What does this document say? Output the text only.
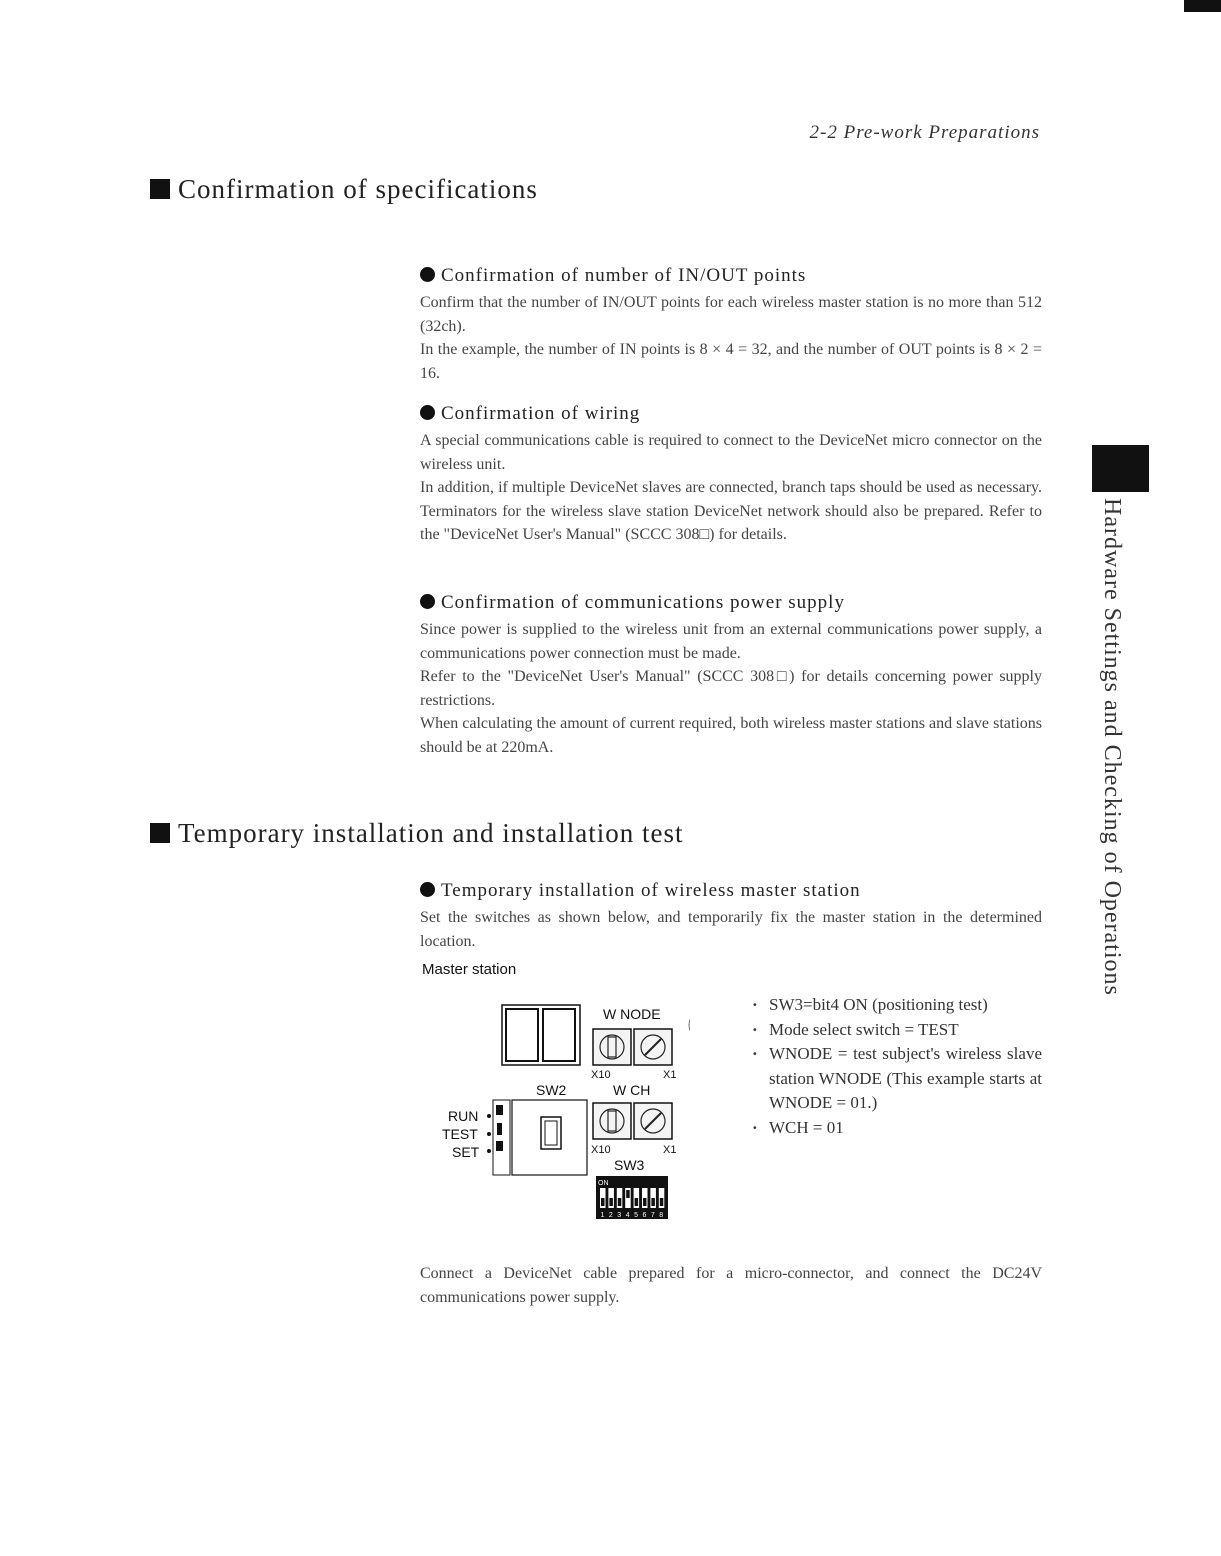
2-2 Pre-work Preparations
Confirmation of specifications
Confirmation of number of IN/OUT points

Confirm that the number of IN/OUT points for each wireless master station is no more than 512 (32ch).

In the example, the number of IN points is 8 × 4 = 32, and the number of OUT points is 8 × 2 = 16.

Confirmation of wiring

A special communications cable is required to connect to the DeviceNet micro connector on the wireless unit.

In addition, if multiple DeviceNet slaves are connected, branch taps should be used as necessary. Terminators for the wireless slave station DeviceNet network should also be prepared. Refer to the "DeviceNet User's Manual" (SCCC 308□) for details.

Confirmation of communications power supply

Since power is supplied to the wireless unit from an external communications power supply, a communications power connection must be made.

Refer to the "DeviceNet User's Manual" (SCCC 308□) for details concerning power supply restrictions.

When calculating the amount of current required, both wireless master stations and slave stations should be at 220mA.

Temporary installation and installation test
Temporary installation of wireless master station

Set the switches as shown below, and temporarily fix the master station in the determined location.

Master station
W NODE
X10	X1
SW2	W CH
RUN
TEST
SET	X10	X1
SW3
ON
1 2 3 4 5 6 7 8
· SW3=bit4 ON (positioning test)
· Mode select switch = TEST
· WNODE = test subject's wireless slave station WNODE (This example starts at WNODE = 01.)
· WCH = 01

Connect a DeviceNet cable prepared for a micro-connector, and connect the DC24V communications power supply.

Hardware Settings and Checking of Operations
